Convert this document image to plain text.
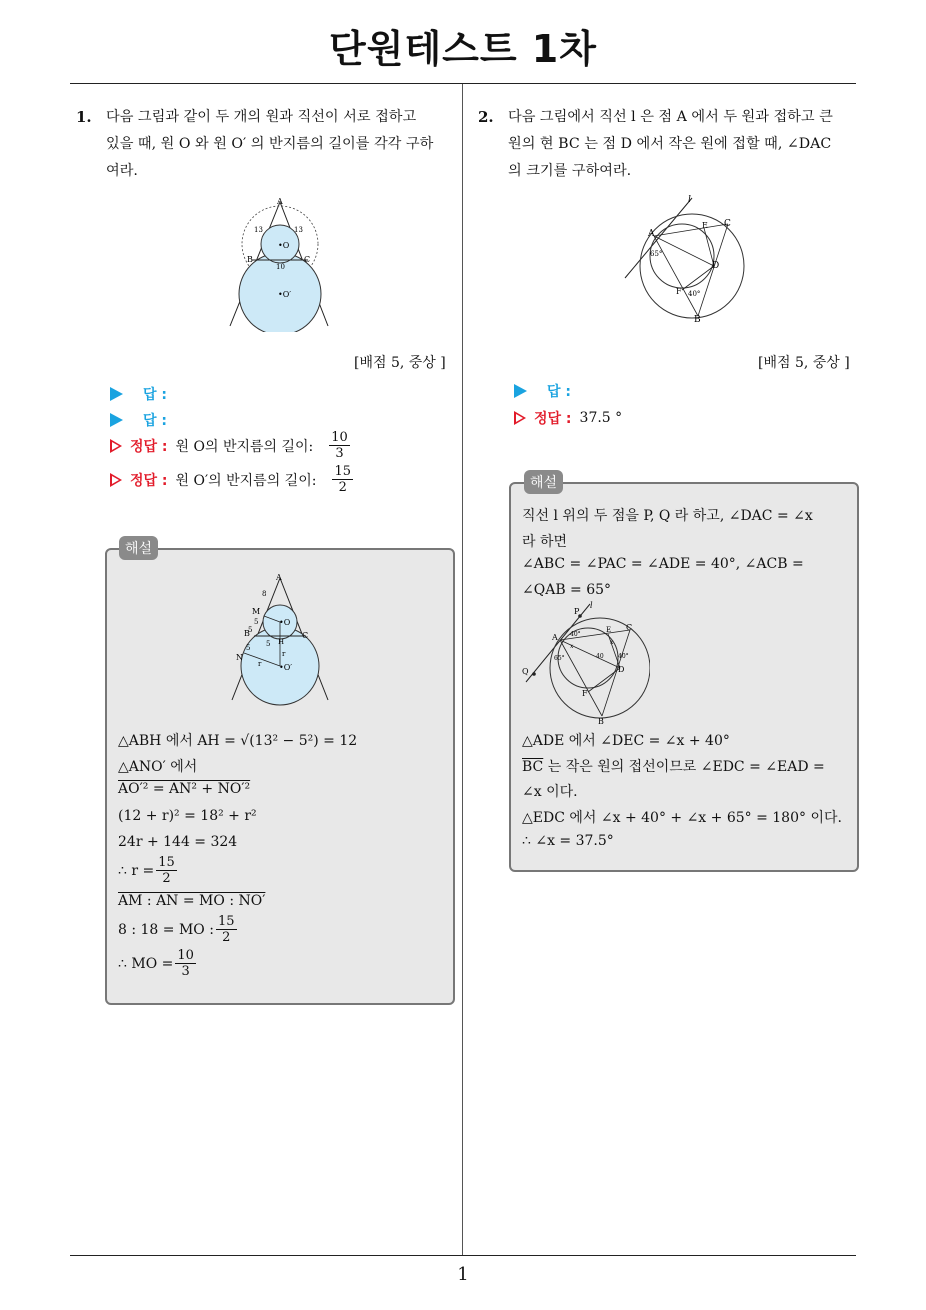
단원테스트 1차
1
1. 다음 그림과 같이 두 개의 원과 직선이 서로 접하고
있을 때, 원 O 와 원 O′ 의 반지름의 길이를 각각 구하
여라.
A
B	C
•O
•O′
13	13
10
[배점 5, 중상 ]
답 :
답 :
정답 : 원 O의 반지름의 길이: $\frac{10}{3}$
정답 : 원 O′의 반지름의 길이: $\frac{15}{2}$
해설
A
M
B
N
H
•O
•O′
C
8
5
5
5
5
r
r
△ABH 에서 AH = √(13² − 5²) = 12
△ANO′ 에서
AO′² = AN² + NO′²
(12 + r)² = 18² + r²
24r + 144 = 324
∴ $r = \frac{15}{2}$
AM : AN = MO : NO′
8 : 18 = MO : $\frac{15}{2}$
∴ MO = $\frac{10}{3}$
2. 다음 그림에서 직선 l 은 점 A 에서 두 원과 접하고 큰
원의 현 BC 는 점 D 에서 작은 원에 접할 때, ∠DAC
의 크기를 구하여라.
l
A
E C
D
F
B
65°
40°
[배점 5, 중상 ]
답 :
정답 : 37.5 °
해설
직선 l 위의 두 점을 P, Q 라 하고, ∠DAC = ∠x
라 하면
∠ABC = ∠PAC = ∠ADE = 40°, ∠ACB =
∠QAB = 65°
P
l
A
E C
D
F
B
Q
40°
40°
65°
x
x
40
△ADE 에서 ∠DEC = ∠x + 40°
$\overline{BC}$ 는 작은 원의 접선이므로 ∠EDC = ∠EAD =
∠x 이다.
△EDC 에서 ∠x + 40° + ∠x + 65° = 180° 이다.
∴ ∠x = 37.5°
